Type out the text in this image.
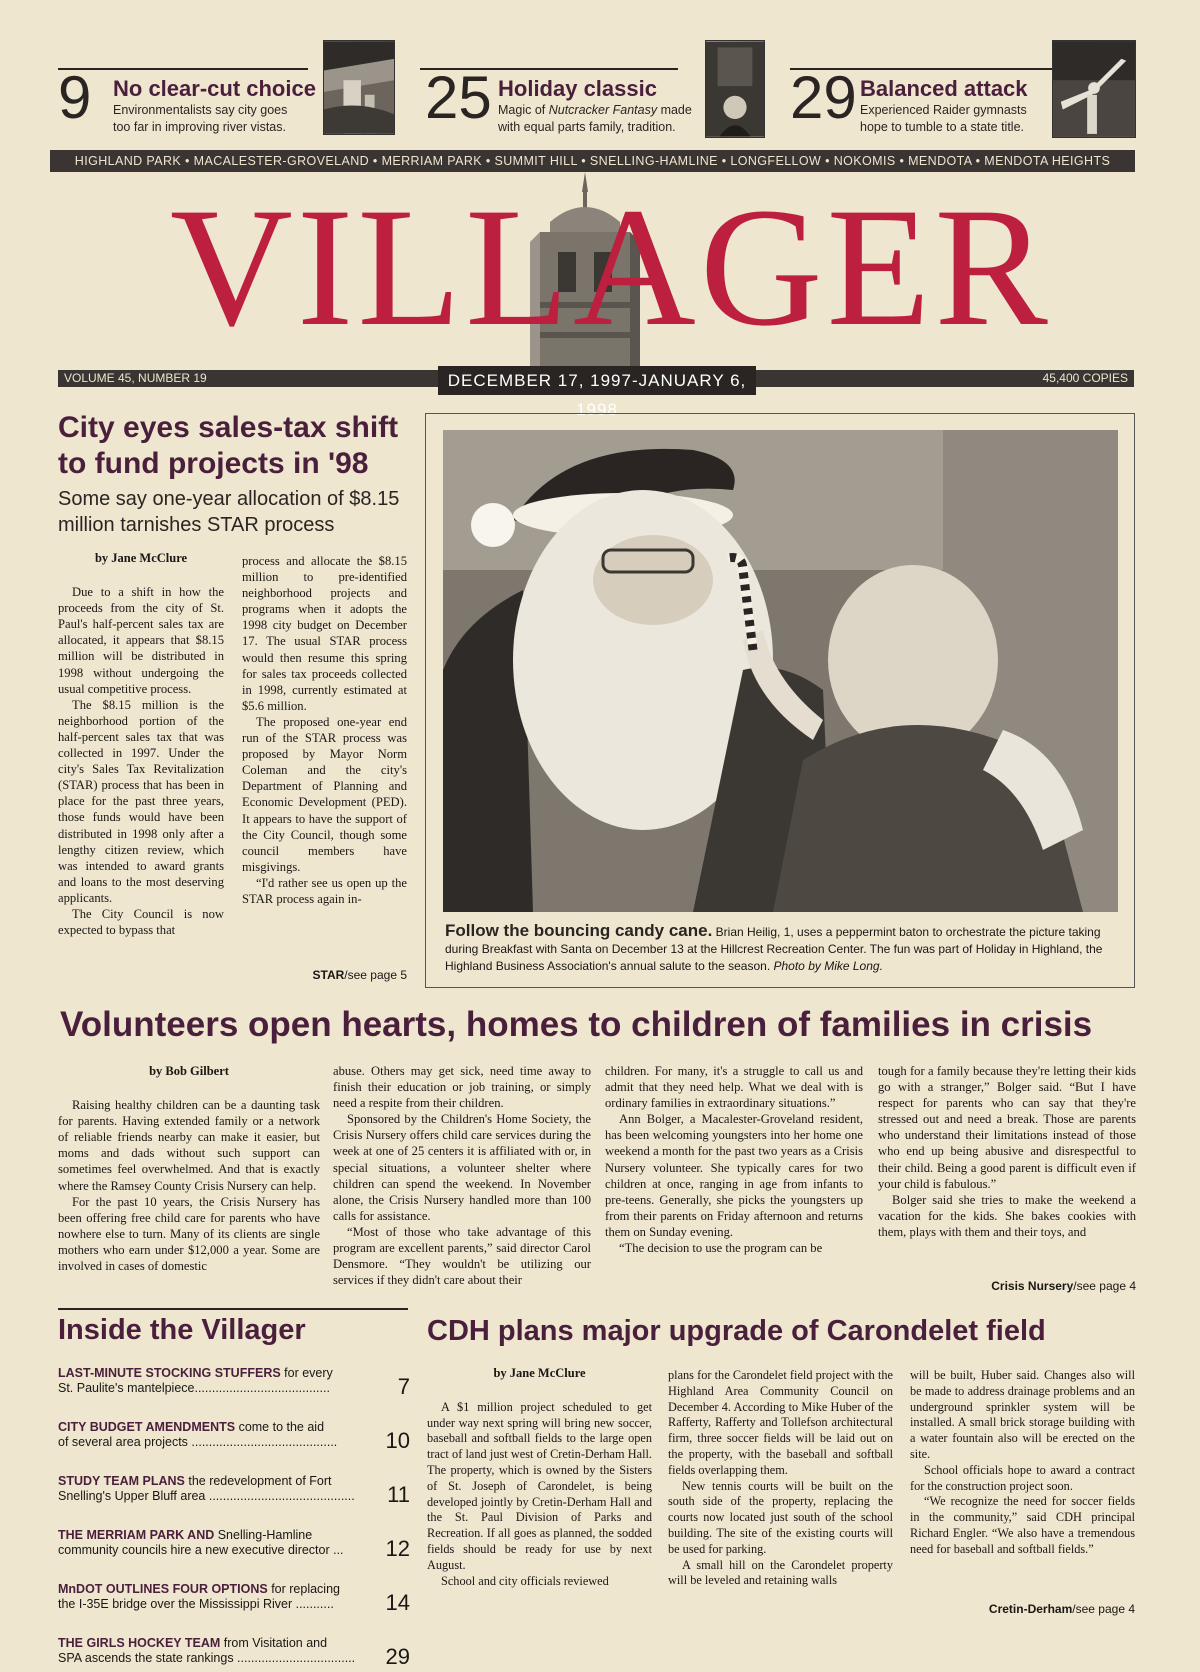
9 No clear-cut choice
Environmentalists say city goes
too far in improving river vistas. 25 Holiday classic
Magic of Nutcracker Fantasy made
with equal parts family, tradition. 29 Balanced attack
Experienced Raider gymnasts
hope to tumble to a state title.
HIGHLAND PARK • MACALESTER-GROVELAND • MERRIAM PARK • SUMMIT HILL • SNELLING-HAMLINE • LONGFELLOW • NOKOMIS • MENDOTA • MENDOTA HEIGHTS
VILLAGER
VOLUME 45, NUMBER 19	45,400 COPIES
DECEMBER 17, 1997-JANUARY 6, 1998
City eyes sales-tax shift to fund projects in '98
Some say one-year allocation of $8.15 million tarnishes STAR process
by Jane McClure

Due to a shift in how the proceeds from the city of St. Paul's half-percent sales tax are allocated, it appears that $8.15 million will be distributed in 1998 without undergoing the usual competitive process.

The $8.15 million is the neighborhood portion of the half-percent sales tax that was collected in 1997. Under the city's Sales Tax Revitalization (STAR) process that has been in place for the past three years, those funds would have been distributed in 1998 only after a lengthy citizen review, which was intended to award grants and loans to the most deserving applicants.

The City Council is now expected to bypass that

process and allocate the $8.15 million to pre-identified neighborhood projects and programs when it adopts the 1998 city budget on December 17. The usual STAR process would then resume this spring for sales tax proceeds collected in 1998, currently estimated at $5.6 million.

The proposed one-year end run of the STAR process was proposed by Mayor Norm Coleman and the city's Department of Planning and Economic Development (PED). It appears to have the support of the City Council, though some council members have misgivings.

“I'd rather see us open up the STAR process again in-

STAR/see page 5
Follow the bouncing candy cane. Brian Heilig, 1, uses a peppermint baton to orchestrate the picture taking during Breakfast with Santa on December 13 at the Hillcrest Recreation Center. The fun was part of Holiday in Highland, the Highland Business Association's annual salute to the season. Photo by Mike Long.
Volunteers open hearts, homes to children of families in crisis
by Bob Gilbert

Raising healthy children can be a daunting task for parents. Having extended family or a network of reliable friends nearby can make it easier, but moms and dads without such support can sometimes feel overwhelmed. And that is exactly where the Ramsey County Crisis Nursery can help.

For the past 10 years, the Crisis Nursery has been offering free child care for parents who have nowhere else to turn. Many of its clients are single mothers who earn under $12,000 a year. Some are involved in cases of domestic

abuse. Others may get sick, need time away to finish their education or job training, or simply need a respite from their children.

Sponsored by the Children's Home Society, the Crisis Nursery offers child care services during the week at one of 25 centers it is affiliated with or, in special situations, a volunteer shelter where children can spend the weekend. In November alone, the Crisis Nursery handled more than 100 calls for assistance.

“Most of those who take advantage of this program are excellent parents,” said director Carol Densmore. “They wouldn't be utilizing our services if they didn't care about their

children. For many, it's a struggle to call us and admit that they need help. What we deal with is ordinary families in extraordinary situations.”

Ann Bolger, a Macalester-Groveland resident, has been welcoming youngsters into her home one weekend a month for the past two years as a Crisis Nursery volunteer. She typically cares for two children at once, ranging in age from infants to pre-teens. Generally, she picks the youngsters up from their parents on Friday afternoon and returns them on Sunday evening.

“The decision to use the program can be

tough for a family because they're letting their kids go with a stranger,” Bolger said. “But I have respect for parents who can say that they're stressed out and need a break. Those are parents who understand their limitations instead of those who end up being abusive and disrespectful to their child. Being a good parent is difficult even if your child is fabulous.”

Bolger said she tries to make the weekend a vacation for the kids. She bakes cookies with them, plays with them and their toys, and

Crisis Nursery/see page 4
Inside the Villager
LAST-MINUTE STOCKING STUFFERS for every
St. Paulite's mantelpiece.......................................	7
CITY BUDGET AMENDMENTS come to the aid
of several area projects ..........................................	10
STUDY TEAM PLANS the redevelopment of Fort
Snelling's Upper Bluff area ..........................................	11
THE MERRIAM PARK AND Snelling-Hamline
community councils hire a new executive director ...	12
MnDOT OUTLINES FOUR OPTIONS for replacing
the I-35E bridge over the Mississippi River ...........	14
THE GIRLS HOCKEY TEAM from Visitation and
SPA ascends the state rankings ..................................	29
CDH plans major upgrade of Carondelet field
by Jane McClure

A $1 million project scheduled to get under way next spring will bring new soccer, baseball and softball fields to the large open tract of land just west of Cretin-Derham Hall. The property, which is owned by the Sisters of St. Joseph of Carondelet, is being developed jointly by Cretin-Derham Hall and the St. Paul Division of Parks and Recreation. If all goes as planned, the sodded fields should be ready for use by next August.

School and city officials reviewed

plans for the Carondelet field project with the Highland Area Community Council on December 4. According to Mike Huber of the Rafferty, Rafferty and Tollefson architectural firm, three soccer fields will be laid out on the property, with the baseball and softball fields overlapping them.

New tennis courts will be built on the south side of the property, replacing the courts now located just south of the school building. The site of the existing courts will be used for parking.

A small hill on the Carondelet property will be leveled and retaining walls

will be built, Huber said. Changes also will be made to address drainage problems and an underground sprinkler system will be installed. A small brick storage building with a water fountain also will be erected on the site.

School officials hope to award a contract for the construction project soon.

“We recognize the need for soccer fields in the community,” said CDH principal Richard Engler. “We also have a tremendous need for baseball and softball fields.”

Cretin-Derham/see page 4
